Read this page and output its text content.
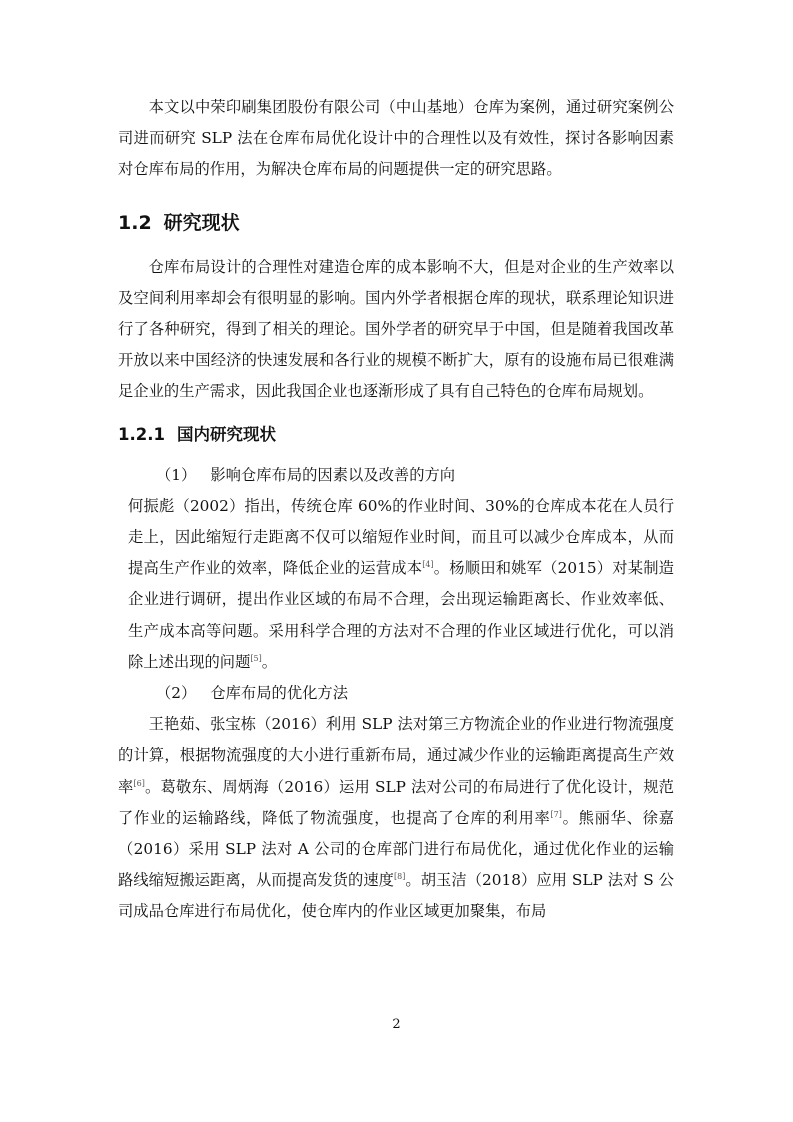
本文以中荣印刷集团股份有限公司（中山基地）仓库为案例，通过研究案例公司进而研究 SLP 法在仓库布局优化设计中的合理性以及有效性，探讨各影响因素对仓库布局的作用，为解决仓库布局的问题提供一定的研究思路。

1.2 研究现状

仓库布局设计的合理性对建造仓库的成本影响不大，但是对企业的生产效率以及空间利用率却会有很明显的影响。国内外学者根据仓库的现状，联系理论知识进行了各种研究，得到了相关的理论。国外学者的研究早于中国，但是随着我国改革开放以来中国经济的快速发展和各行业的规模不断扩大，原有的设施布局已很难满足企业的生产需求，因此我国企业也逐渐形成了具有自己特色的仓库布局规划。

1.2.1 国内研究现状

（1） 影响仓库布局的因素以及改善的方向

何振彪（2002）指出，传统仓库 60%的作业时间、30%的仓库成本花在人员行走上，因此缩短行走距离不仅可以缩短作业时间，而且可以减少仓库成本，从而提高生产作业的效率，降低企业的运营成本[4]。杨顺田和姚军（2015）对某制造企业进行调研，提出作业区域的布局不合理，会出现运输距离长、作业效率低、生产成本高等问题。采用科学合理的方法对不合理的作业区域进行优化，可以消除上述出现的问题[5]。

（2） 仓库布局的优化方法

王艳茹、张宝栋（2016）利用 SLP 法对第三方物流企业的作业进行物流强度的计算，根据物流强度的大小进行重新布局，通过减少作业的运输距离提高生产效率[6]。葛敬东、周炳海（2016）运用 SLP 法对公司的布局进行了优化设计，规范了作业的运输路线，降低了物流强度，也提高了仓库的利用率[7]。熊丽华、徐嘉（2016）采用 SLP 法对 A 公司的仓库部门进行布局优化，通过优化作业的运输路线缩短搬运距离，从而提高发货的速度[8]。胡玉洁（2018）应用 SLP 法对 S 公司成品仓库进行布局优化，使仓库内的作业区域更加聚集，布局

2
